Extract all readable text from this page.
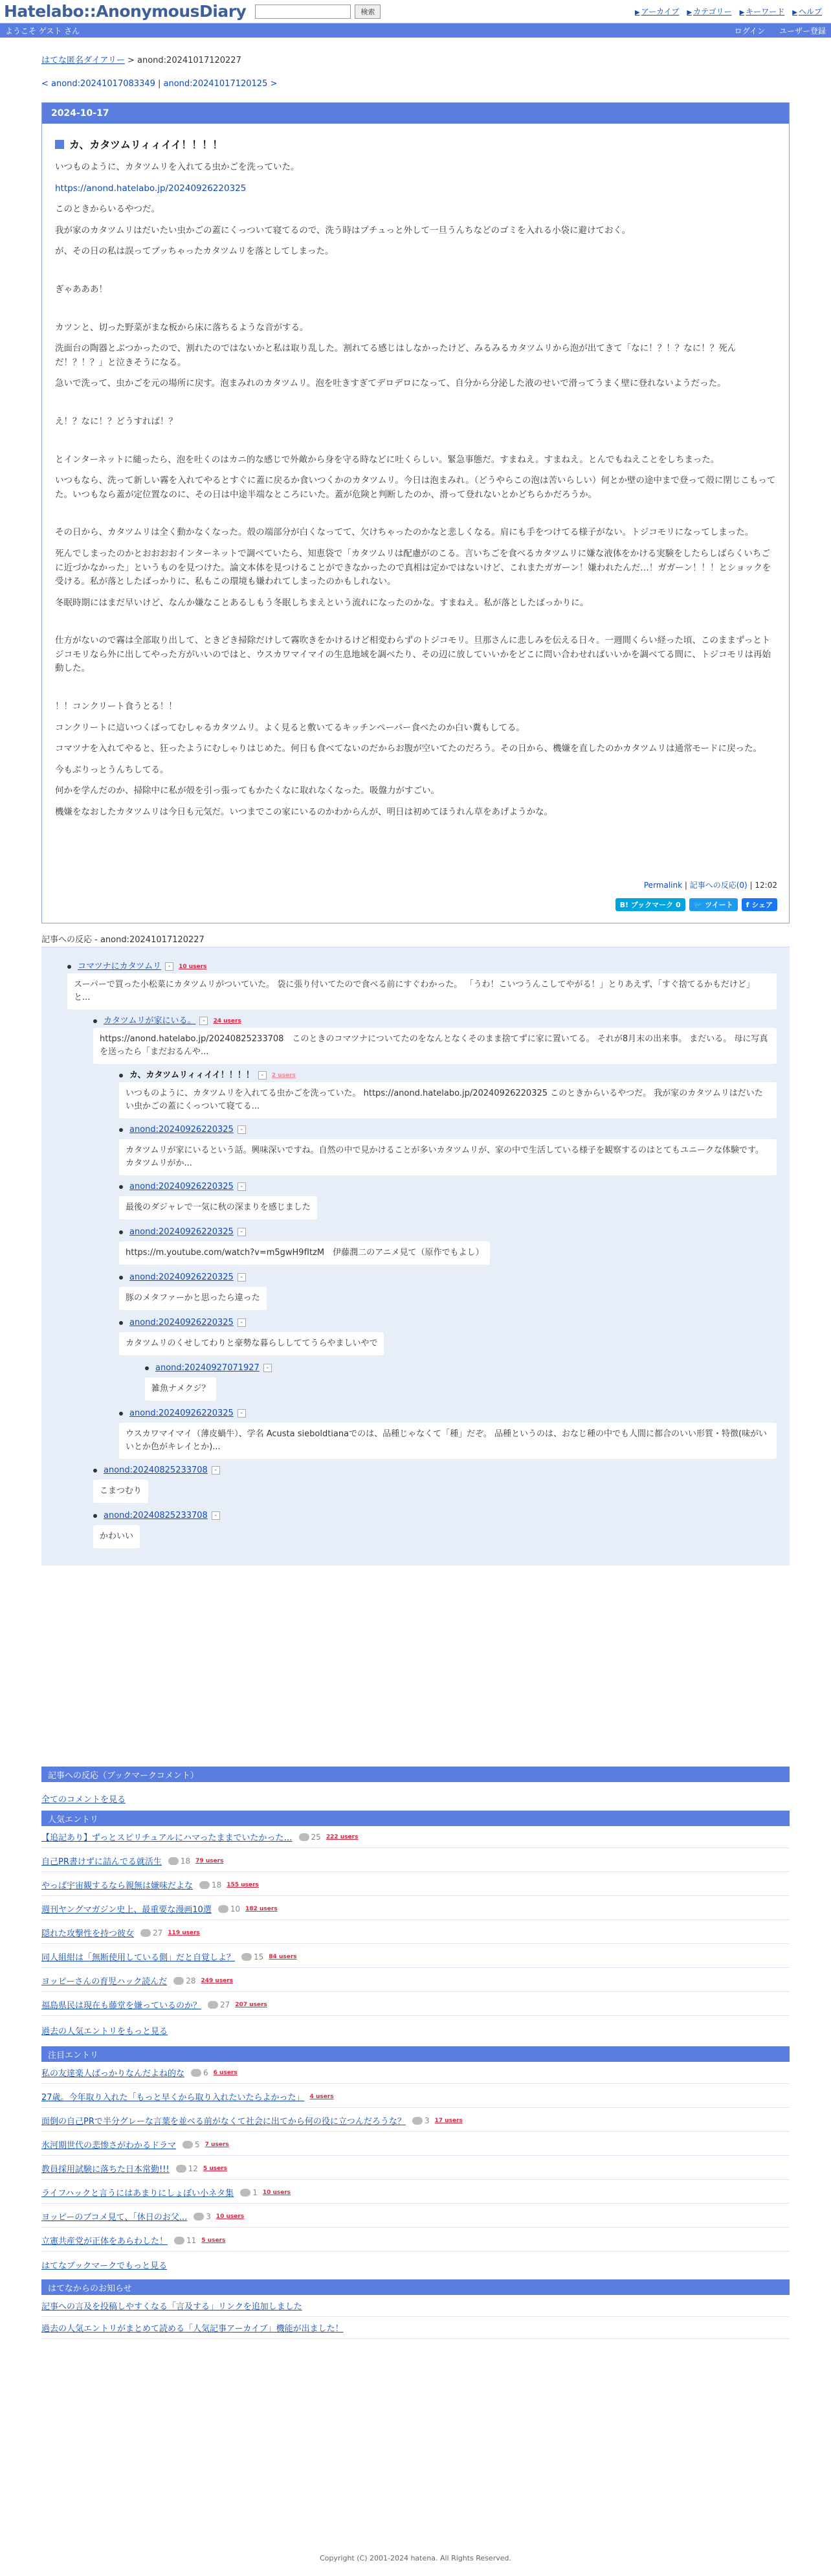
Hatelabo::AnonymousDiary	検索	▶ アーカイブ ▶ カテゴリー ▶ キーワード ▶ ヘルプ
ようこそ ゲスト さん	ログイン ユーザー登録
はてな匿名ダイアリー > anond:20241017120227
< anond:20241017083349 | anond:20241017120125 >
2024-10-17
カ、カタツムリィィイイ！！！！

いつものように、カタツムリを入れてる虫かごを洗っていた。

https://anond.hatelabo.jp/20240926220325

このときからいるやつだ。

我が家のカタツムリはだいたい虫かごの蓋にくっついて寝てるので、洗う時はプチュっと外して一旦うんちなどのゴミを入れる小袋に避けておく。

が、その日の私は誤ってブッちゃったカタツムリを落としてしまった。

ぎゃあああ！

カツンと、切った野菜がまな板から床に落ちるような音がする。

洗面台の陶器とぶつかったので、割れたのではないかと私は取り乱した。割れてる感じはしなかったけど、みるみるカタツムリから泡が出てきて「なに！？！？なに！？死んだ！？！？」と泣きそうになる。

急いで洗って、虫かごを元の場所に戻す。泡まみれのカタツムリ。泡を吐きすぎてデロデロになって、自分から分泌した液のせいで滑ってうまく壁に登れないようだった。

え！？なに！？どうすれば！？

とインターネットに縋ったら、泡を吐くのはカニ的な感じで外敵から身を守る時などに吐くらしい。緊急事態だ。すまねえ。すまねえ。とんでもねえことをしちまった。

いつもなら、洗って新しい霧を入れてやるとすぐに蓋に戻るか食いつくかのカタツムリ。今日は泡まみれ。（どうやらこの泡は苦いらしい）何とか壁の途中まで登って殻に閉じこもってた。いつもなら蓋が定位置なのに、その日は中途半端なところにいた。蓋が危険と判断したのか、滑って登れないとかどちらかだろうか。

その日から、カタツムリは全く動かなくなった。殻の端部分が白くなってて、欠けちゃったのかなと悲しくなる。肩にも手をつけてる様子がない。トジコモリになってしまった。

死んでしまったのかとおおおおインターネットで調べていたら、知恵袋で「カタツムリは配慮がのこる。言いちごを食べるカタツムリに嫌な液体をかける実験をしたらしばらくいちごに近づかなかった」というものを見つけた。論文本体を見つけることができなかったので真相は定かではないけど、これまたガガーン！嫌われたんだ…！ガガーン！！！とショックを受ける。私が落としたばっかりに、私もこの環境も嫌われてしまったのかもしれない。

冬眠時期にはまだ早いけど、なんか嫌なことあるしもう冬眠しちまえという流れになったのかな。すまねえ。私が落としたばっかりに。

仕方がないので霧は全部取り出して、ときどき掃除だけして霧吹きをかけるけど相変わらずのトジコモリ。旦那さんに悲しみを伝える日々。一週間くらい経った頃、このままずっとトジコモリなら外に出してやった方がいいのではと、ウスカワマイマイの生息地域を調べたり、その辺に放していいかをどこに問い合わせればいいかを調べてる間に、トジコモリは再始動した。

！！コンクリート食うとる！！

コンクリートに這いつくばってむしゃるカタツムリ。よく見ると敷いてるキッチンペーパー食べたのか白い糞もしてる。

コマツナを入れてやると、狂ったようにむしゃりはじめた。何日も食べてないのだからお腹が空いてたのだろう。その日から、機嫌を直したのかカタツムリは通常モードに戻った。

今もぶりっとうんちしてる。

何かを学んだのか、掃除中に私が殻を引っ張ってもかたくなに取れなくなった。吸盤力がすごい。

機嫌をなおしたカタツムリは今日も元気だ。いつまでこの家にいるのかわからんが、明日は初めてほうれん草をあげようかな。

Permalink | 記事への反応(0) | 12:02
B! ブックマーク 0	🐦 ツイート f シェア
記事への反応 - anond:20241017120227
コマツナにカタツムリ - 10 users
スーパーで買った小松菜にカタツムリがついていた。 袋に張り付いてたので食べる前にすぐわかった。 「うわ！こいつうんこしてやがる！」とりあえず、「すぐ捨てるかもだけど」と...
カタツムリが家にいる。 - 24 users
https://anond.hatelabo.jp/20240825233708　このときのコマツナについてたのをなんとなくそのまま捨てずに家に置いてる。 それが8月末の出来事。 まだいる。 母に写真を送ったら「まだおるんや...
カ、カタツムリィィイイ！！！！ - 2 users
いつものように、カタツムリを入れてる虫かごを洗っていた。 https://anond.hatelabo.jp/20240926220325 このときからいるやつだ。 我が家のカタツムリはだいたい虫かごの蓋にくっついて寝てる...
anond:20240926220325 -
カタツムリが家にいるという話。興味深いですね。自然の中で見かけることが多いカタツムリが、家の中で生活している様子を観察するのはとてもユニークな体験です。カタツムリがか...
anond:20240926220325 -
最後のダジャレで一気に秋の深まりを感じました
anond:20240926220325 -
https://m.youtube.com/watch?v=m5gwH9fItzM　伊藤潤二のアニメ見て（原作でもよし）
anond:20240926220325 -
豚のメタファーかと思ったら違った
anond:20240926220325 -
カタツムリのくせしてわりと豪勢な暮らししててうらやましいやで
anond:20240927071927 -
雑魚ナメクジ？
anond:20240926220325 -
ウスカワマイマイ（薄皮蝸牛）、学名 Acusta sieboldtianaでのは、品種じゃなくて「種」だぞ。 品種というのは、おなじ種の中でも人間に都合のいい形質・特徴(味がいいとか色がキレイとか)...
anond:20240825233708 -
こまつむり
anond:20240825233708 -
かわいい
記事への反応（ブックマークコメント）
全てのコメントを見る
人気エントリ
【追記あり】ずっとスピリチュアルにハマったままでいたかった… 25 222 users
自己PR書けずに詰んでる就活生 18 79 users
やっぱ宇宙観するなら親無は嫌味だよな 18 155 users
週刊ヤングマガジン史上、最重要な漫画10選 10 182 users
隠れた攻撃性を持つ彼女 27 119 users
同人組紺は「無断使用している側」だと自覚しよ？ 15 84 users
ヨッピーさんの育児ハック読んだ 28 249 users
福島県民は現在も藤堂を嫌っているのか？ 27 207 users
過去の人気エントリをもっと見る
注目エントリ
私の友達楽人ばっかりなんだよね的な 6 6 users
27歳。今年取り入れた「もっと早くから取り入れたいたらよかった」 4 users
面倒の自己PRで半分グレーな言葉を並べる前がなくて社会に出てから何の役に立つんだろうな？ 3 17 users
氷河期世代の悲惨さがわかるドラマ 5 7 users
教員採用試験に落ちた日本常勤!!! 12 5 users
ライフハックと言うにはあまりにしょぼい小ネタ集 1 10 users
ヨッピーのブコメ見て、「休日のお父... 3 10 users
立憲共産党が正体をあらわした！ 11 5 users
はてなブックマークでもっと見る
はてなからのお知らせ
記事への言及を投稿しやすくなる「言及する」リンクを追加しました
過去の人気エントリがまとめて読める「人気記事アーカイブ」機能が出ました！
Copyright (C) 2001-2024 hatena. All Rights Reserved.
